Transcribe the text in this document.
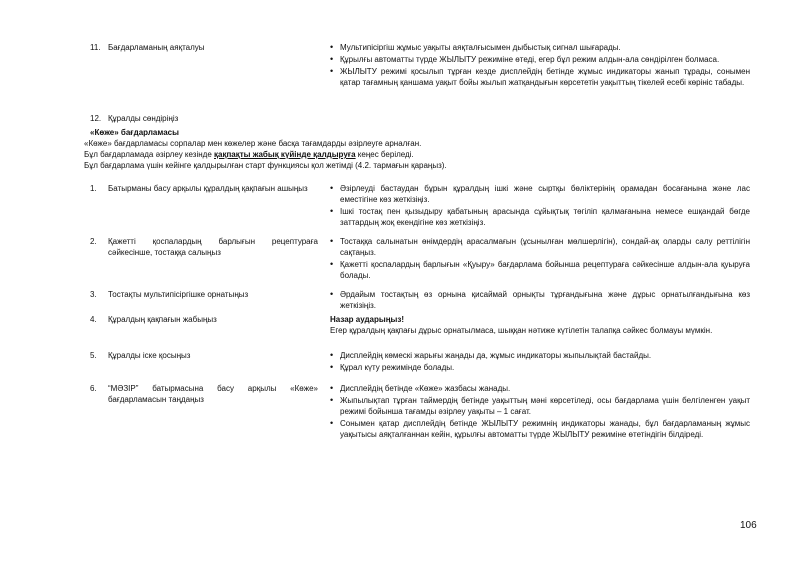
11. Бағдарламаның аяқталуы	• Мультипісіргіш жұмыс уақыты аяқталғысымен дыбыстық сигнал шығарады.
• Құрылғы автоматты түрде ЖЫЛЫТУ режиміне өтеді, егер бұл режим алдын-ала сөндірілген болмаса.
• ЖЫЛЫТУ режимі қосылып тұрған кезде дисплейдің бетінде жұмыс индикаторы жанып тұрады, сонымен қатар тағамның қаншама уақыт бойы жылып жатқандығын көрсететін уақыттың тікелей есебі көрініс табады.
12. Құралды сөндіріңіз
«Көже» бағдарламасы
«Көже» бағдарламасы сорпалар мен көжелер және басқа тағамдарды әзірлеуге арналған.
Бұл бағдарламада әзірлеу кезінде қақпақты жабық күйінде қалдыруға кеңес беріледі.
Бұл бағдарлама үшін кейінге қалдырылған старт функциясы қол жетімді (4.2. тармағын қараңыз).
1.	Батырманы басу арқылы құралдың қақпағын ашыңыз	• Әзірлеуді бастаудан бұрын құралдың ішкі және сыртқы бөліктерінің орамадан босағанына және лас еместігіне көз жеткізіңіз.
• Ішкі тостақ пен қызыдыру қабатының арасында сұйықтық төгіліп қалмағанына немесе ешқандай бөгде заттардың жоқ екендігіне көз жеткізіңіз.
2.	Қажетті қоспалардың барлығын рецептураға сәйкесінше, тостаққа салыңыз
• Тостаққа салынатын өнімдердің арасалмағын (ұсынылған мөлшерлігін), сондай-ақ оларды салу реттілігін сақтаңыз.
• Қажетті қоспалардың барлығын «Қуыру» бағдарлама бойынша рецептураға сәйкесінше алдын-ала қуыруға болады.
3.	Тостақты мультипісіргішке орнатыңыз	• Әрдайым тостақтың өз орнына қисаймай орнықты тұрғандығына және дұрыс орнатылғандығына көз жеткізіңіз.
4.	Құралдың қақпағын жабыңыз	Назар аударыңыз!
Егер құралдың қақпағы дұрыс орнатылмаса, шыққан нәтиже күтілетін талапқа сәйкес болмауы мүмкін.
5.	Құралды іске қосыңыз	• Дисплейдің көмескі жарығы жаңады да, жұмыс индикаторы жыпылықтай бастайды.
• Құрал күту режимінде болады.
6.	“МӘЗІР” батырмасына басу арқылы «Көже» бағдарламасын таңдаңыз
• Дисплейдің бетінде «Көже» жазбасы жанады.
• Жыпылықтап тұрған таймердің бетінде уақыттың мәні көрсетіледі, осы бағдарлама үшін белгіленген уақыт режимі бойынша тағамды әзірлеу уақыты – 1 сағат.
• Сонымен қатар дисплейдің бетінде ЖЫЛЫТУ режимнің индикаторы жанады, бұл бағдарламаның жұмыс уақытысы аяқталғаннан кейін, құрылғы автоматты түрде ЖЫЛЫТУ режиміне өтетіндігін білдіреді.
106
